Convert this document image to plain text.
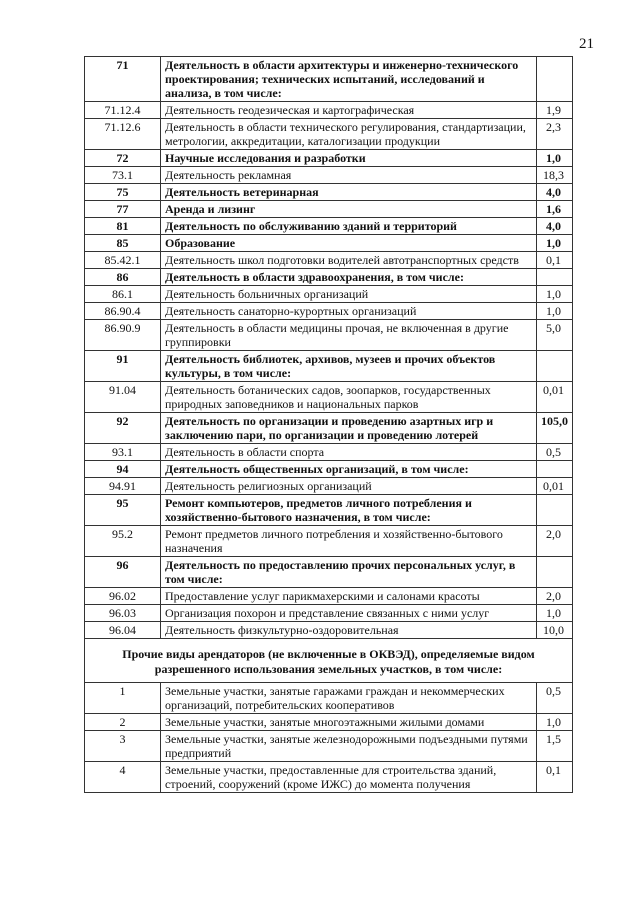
21
71	Деятельность в области архитектуры и инженерно-технического проектирования; технических испытаний, исследований и анализа, в том числе:	
71.12.4	Деятельность геодезическая и картографическая	1,9
71.12.6	Деятельность в области технического регулирования, стандартизации, метрологии, аккредитации, каталогизации продукции	2,3
72	Научные исследования и разработки	1,0
73.1	Деятельность рекламная	18,3
75	Деятельность ветеринарная	4,0
77	Аренда и лизинг	1,6
81	Деятельность по обслуживанию зданий и территорий	4,0
85	Образование	1,0
85.42.1	Деятельность школ подготовки водителей автотранспортных средств	0,1
86	Деятельность в области здравоохранения, в том числе:	
86.1	Деятельность больничных организаций	1,0
86.90.4	Деятельность санаторно-курортных организаций	1,0
86.90.9	Деятельность в области медицины прочая, не включенная в другие группировки	5,0
91	Деятельность библиотек, архивов, музеев и прочих объектов культуры, в том числе:	
91.04	Деятельность ботанических садов, зоопарков, государственных природных заповедников и национальных парков	0,01
92	Деятельность по организации и проведению азартных игр и заключению пари, по организации и проведению лотерей	105,0
93.1	Деятельность в области спорта	0,5
94	Деятельность общественных организаций, в том числе:	
94.91	Деятельность религиозных организаций	0,01
95	Ремонт компьютеров, предметов личного потребления и хозяйственно-бытового назначения, в том числе:	
95.2	Ремонт предметов личного потребления и хозяйственно-бытового назначения	2,0
96	Деятельность по предоставлению прочих персональных услуг, в том числе:	
96.02	Предоставление услуг парикмахерскими и салонами красоты	2,0
96.03	Организация похорон и представление связанных с ними услуг	1,0
96.04	Деятельность физкультурно-оздоровительная	10,0
Прочие виды арендаторов (не включенные в ОКВЭД), определяемые видом разрешенного использования земельных участков, в том числе:		
1	Земельные участки, занятые гаражами граждан и некоммерческих организаций, потребительских кооперативов	0,5
2	Земельные участки, занятые многоэтажными жилыми домами	1,0
3	Земельные участки, занятые железнодорожными подъездными путями предприятий	1,5
4	Земельные участки, предоставленные для строительства зданий, строений, сооружений (кроме ИЖС) до момента получения	0,1
